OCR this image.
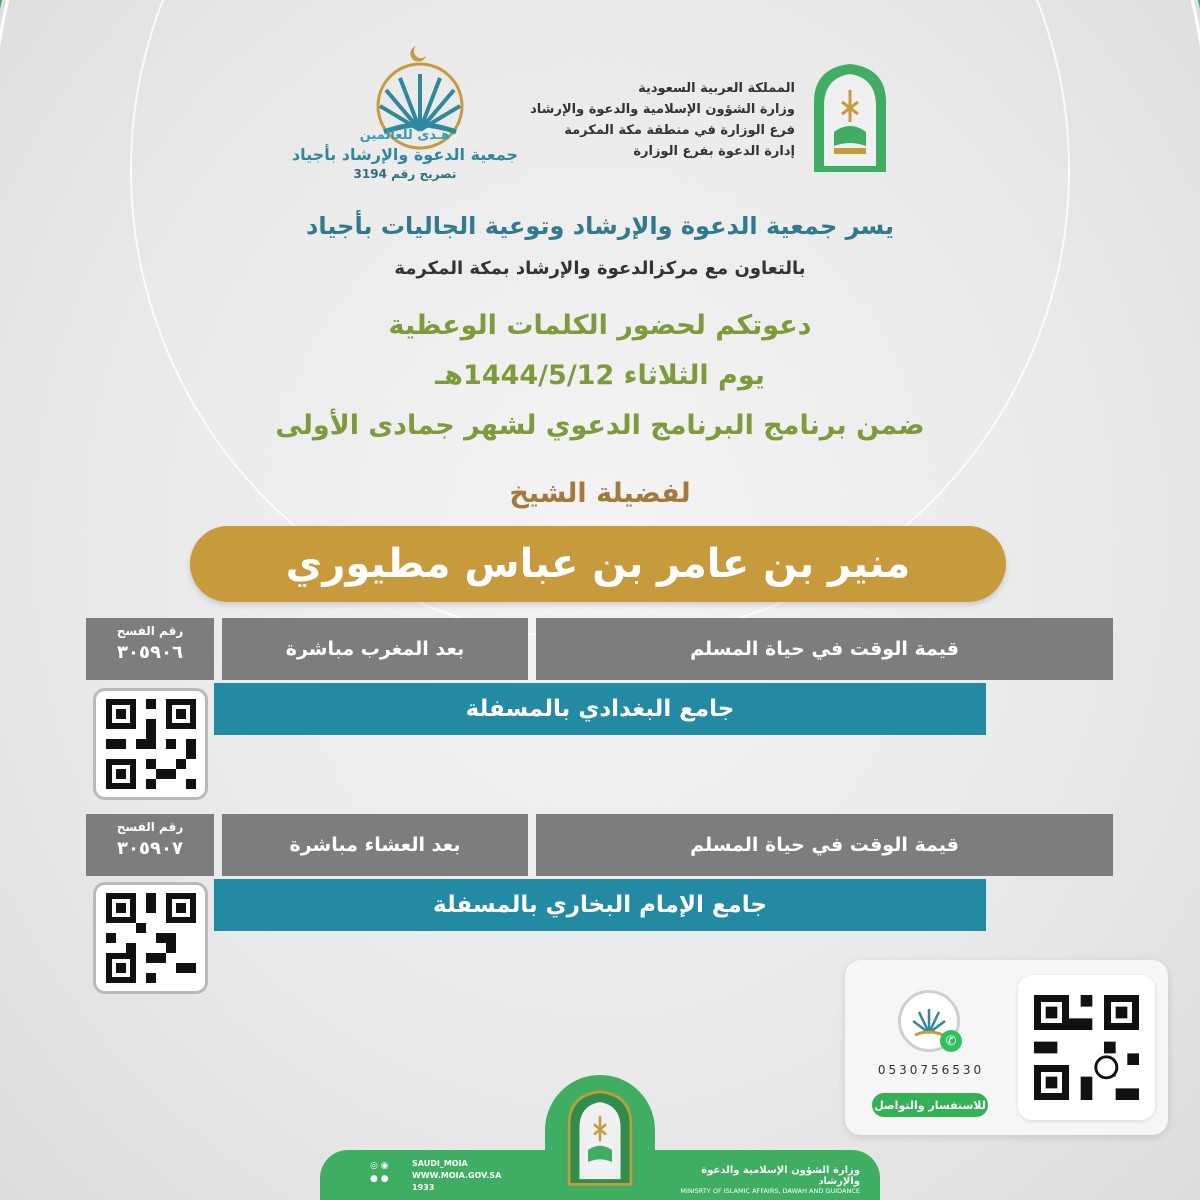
المملكة العربية السعودية
وزارة الشؤون الإسلامية والدعوة والإرشاد
فرع الوزارة في منطقة مكة المكرمة
إدارة الدعوة بفرع الوزارة
هـدى للعالمين
جمعية الدعوة والإرشاد بأجياد
تصريح رقم 3194
يسر جمعية الدعوة والإرشاد وتوعية الجاليات بأجياد
بالتعاون مع مركزالدعوة والإرشاد بمكة المكرمة
دعوتكم لحضور الكلمات الوعظية
يوم الثلاثاء 1444/5/12هـ
ضمن برنامج البرنامج الدعوي لشهر جمادى الأولى
لفضيلة الشيخ
منير بن عامر بن عباس مطيوري
قيمة الوقت في حياة المسلم
بعد المغرب مباشرة
رقم الفسح
٣٠٥٩٠٦
جامع البغدادي بالمسفلة
قيمة الوقت في حياة المسلم
بعد العشاء مباشرة
رقم الفسح
٣٠٥٩٠٧
جامع الإمام البخاري بالمسفلة
✆
0530756530
للاستفسار والتواصل
وزارة الشؤون الإسلامية والدعوة والإرشاد
MINISRTY OF ISLAMIC AFFAIRS, DAWAH AND GUIDANCE
◎ ◉
● ●
SAUDI_MOIA
WWW.MOIA.GOV.SA
1933
